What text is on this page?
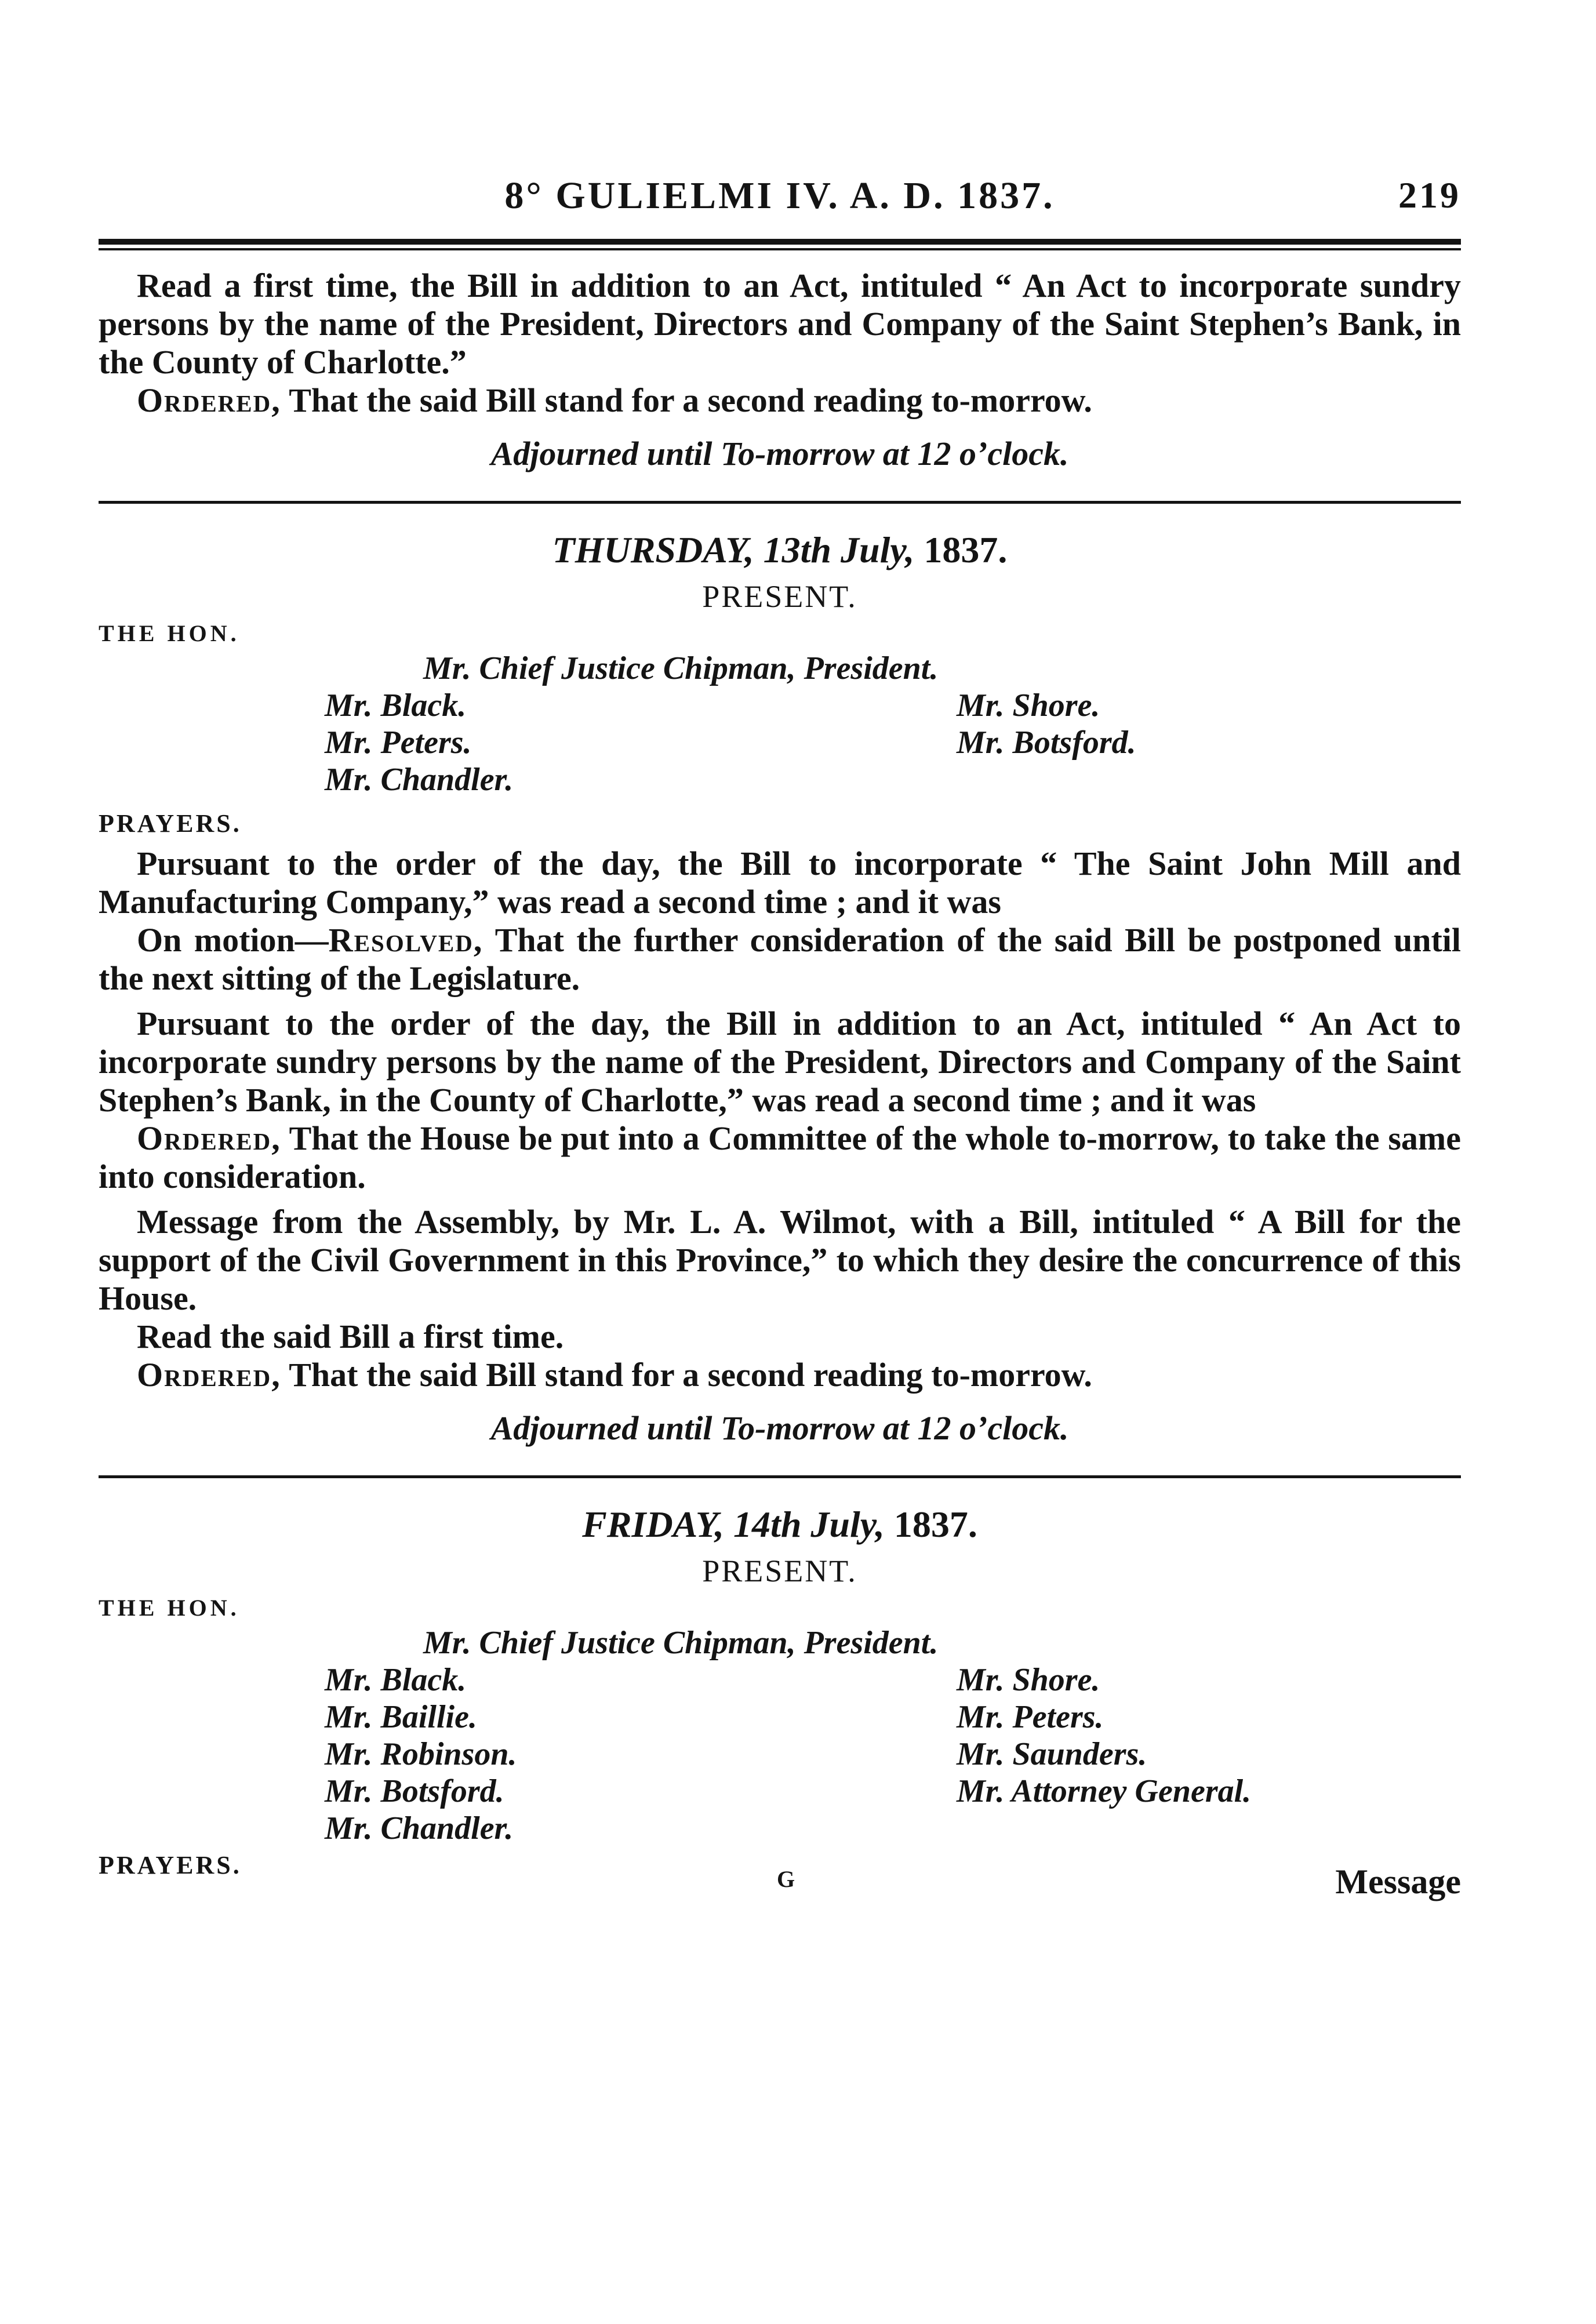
8° GULIELMI IV. A. D. 1837.	219

Read a first time, the Bill in addition to an Act, intituled “ An Act to incorporate sundry persons by the name of the President, Directors and Company of the Saint Stephen’s Bank, in the County of Charlotte.”

Ordered, That the said Bill stand for a second reading to-morrow.

Adjourned until To-morrow at 12 o’clock.
THURSDAY, 13th July, 1837.
PRESENT.
THE HON.
Mr. Chief Justice Chipman, President.
Mr. Black.	Mr. Shore.
Mr. Peters.	Mr. Botsford.
Mr. Chandler.	
PRAYERS.

Pursuant to the order of the day, the Bill to incorporate “ The Saint John Mill and Manufacturing Company,” was read a second time ; and it was

On motion—Resolved, That the further consideration of the said Bill be postponed until the next sitting of the Legislature.

Pursuant to the order of the day, the Bill in addition to an Act, intituled “ An Act to incorporate sundry persons by the name of the President, Directors and Company of the Saint Stephen’s Bank, in the County of Charlotte,” was read a second time ; and it was

Ordered, That the House be put into a Committee of the whole to-morrow, to take the same into consideration.

Message from the Assembly, by Mr. L. A. Wilmot, with a Bill, intituled “ A Bill for the support of the Civil Government in this Province,” to which they desire the concurrence of this House.

Read the said Bill a first time.

Ordered, That the said Bill stand for a second reading to-morrow.

Adjourned until To-morrow at 12 o’clock.
FRIDAY, 14th July, 1837.
PRESENT.
THE HON.
Mr. Chief Justice Chipman, President.
Mr. Black.	Mr. Shore.
Mr. Baillie.	Mr. Peters.
Mr. Robinson.	Mr. Saunders.
Mr. Botsford.	Mr. Attorney General.
Mr. Chandler.	
PRAYERS.	G	Message
